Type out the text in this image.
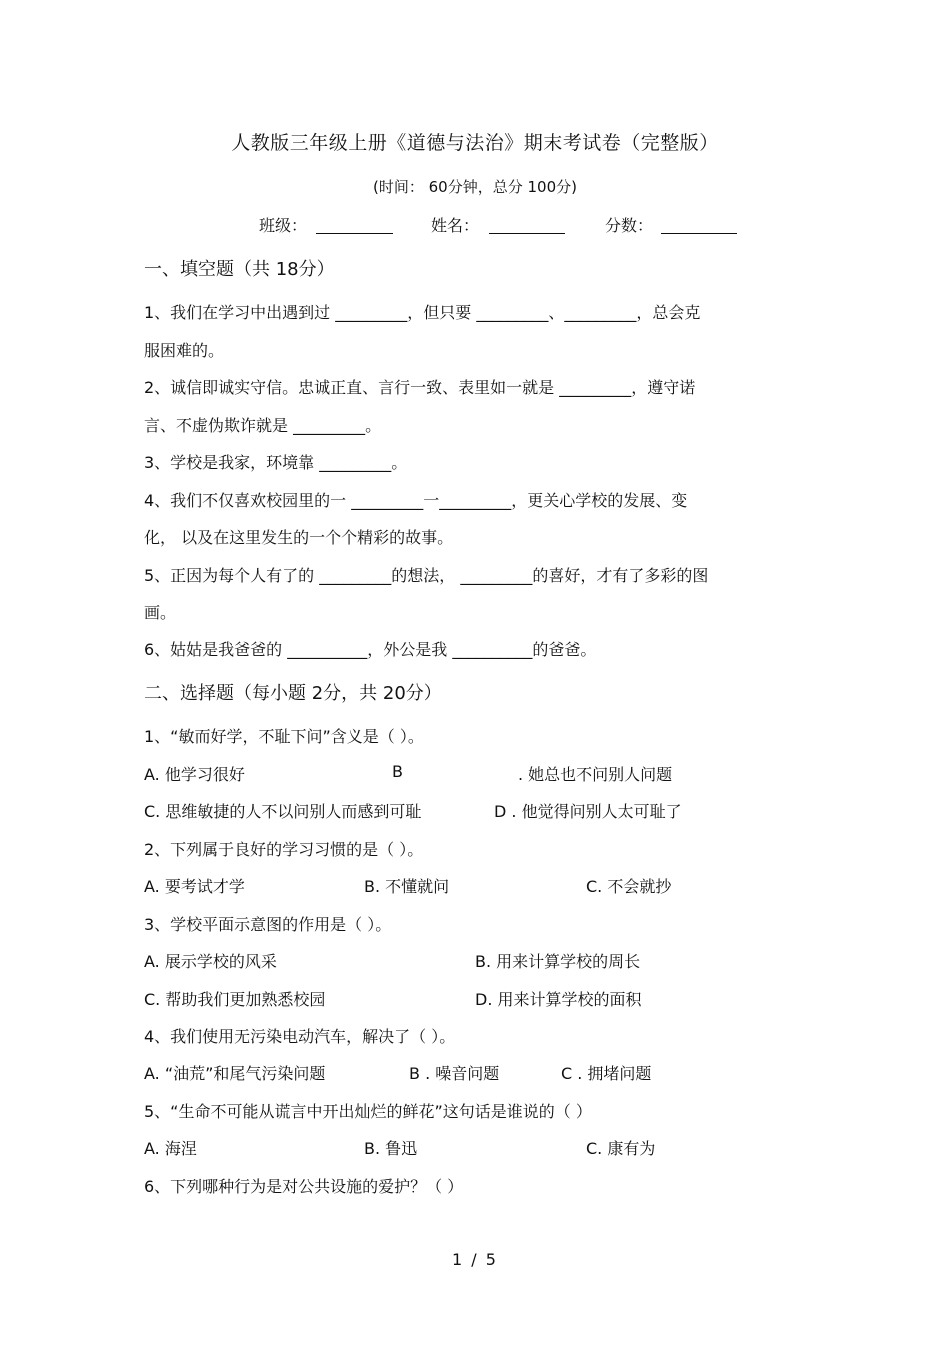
人教版三年级上册《道德与法治》期末考试卷（完整版）
(时间： 60分钟，总分 100分)
班级：	姓名：	分数：
一、填空题（共 18分）
1、我们在学习中出遇到过 _________，但只要 _________、_________，总会克
服困难的。
2、诚信即诚实守信。忠诚正直、言行一致、表里如一就是 _________，遵守诺
言、不虚伪欺诈就是 _________。
3、学校是我家，环境靠 _________。
4、我们不仅喜欢校园里的一 _________一_________，更关心学校的发展、变
化， 以及在这里发生的一个个精彩的故事。
5、正因为每个人有了的 _________的想法， _________的喜好，才有了多彩的图
画。
6、姑姑是我爸爸的 __________，外公是我 __________的爸爸。
二、选择题（每小题 2分，共 20分）
1、“敏而好学，不耻下问”含义是（ ）。
A. 他学习很好	B	. 她总也不问别人问题
C. 思维敏捷的人不以问别人而感到可耻	D . 他觉得问别人太可耻了
2、下列属于良好的学习习惯的是（ ）。
A. 要考试才学	B. 不懂就问	C. 不会就抄
3、学校平面示意图的作用是（ ）。
A. 展示学校的风采	B. 用来计算学校的周长
C. 帮助我们更加熟悉校园	D. 用来计算学校的面积
4、我们使用无污染电动汽车，解决了（ ）。
A. “油荒”和尾气污染问题	B . 噪音问题	C . 拥堵问题
5、“生命不可能从谎言中开出灿烂的鲜花”这句话是谁说的（ ）
A. 海涅	B. 鲁迅	C. 康有为
6、下列哪种行为是对公共设施的爱护？（ ）
1 / 5
